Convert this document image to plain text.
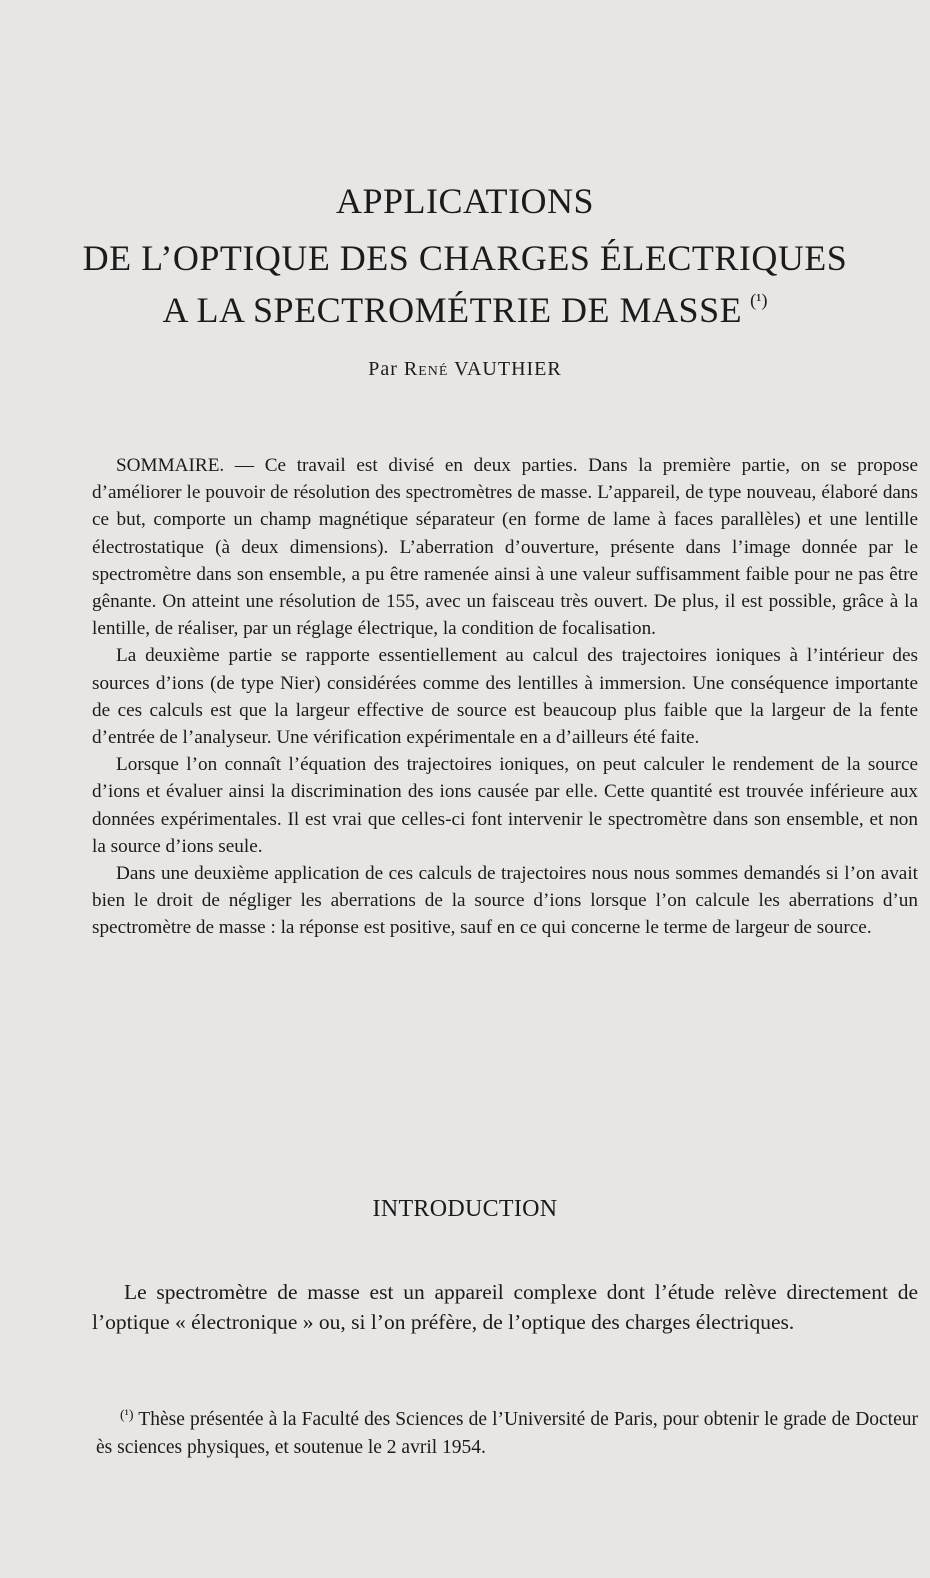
APPLICATIONS
DE L’OPTIQUE DES CHARGES ÉLECTRIQUES
A LA SPECTROMÉTRIE DE MASSE $^{(^1)}$
Par René VAUTHIER

SOMMAIRE. — Ce travail est divisé en deux parties. Dans la première partie, on se propose d’améliorer le pouvoir de résolution des spectromètres de masse. L’appareil, de type nouveau, élaboré dans ce but, comporte un champ magnétique séparateur (en forme de lame à faces parallèles) et une lentille électrostatique (à deux dimensions). L’aberration d’ouverture, présente dans l’image donnée par le spectromètre dans son ensemble, a pu être ramenée ainsi à une valeur suffisamment faible pour ne pas être gênante. On atteint une résolution de 155, avec un faisceau très ouvert. De plus, il est possible, grâce à la lentille, de réaliser, par un réglage électrique, la condition de focalisation.

La deuxième partie se rapporte essentiellement au calcul des trajectoires ioniques à l’intérieur des sources d’ions (de type Nier) considérées comme des lentilles à immersion. Une conséquence importante de ces calculs est que la largeur effective de source est beaucoup plus faible que la largeur de la fente d’entrée de l’analyseur. Une vérification expérimentale en a d’ailleurs été faite.

Lorsque l’on connaît l’équation des trajectoires ioniques, on peut calculer le rendement de la source d’ions et évaluer ainsi la discrimination des ions causée par elle. Cette quantité est trouvée inférieure aux données expérimentales. Il est vrai que celles-ci font intervenir le spectromètre dans son ensemble, et non la source d’ions seule.

Dans une deuxième application de ces calculs de trajectoires nous nous sommes demandés si l’on avait bien le droit de négliger les aberrations de la source d’ions lorsque l’on calcule les aberrations d’un spectromètre de masse : la réponse est positive, sauf en ce qui concerne le terme de largeur de source.

INTRODUCTION

Le spectromètre de masse est un appareil complexe dont l’étude relève directement de l’optique « électronique » ou, si l’on préfère, de l’optique des charges électriques.

$^{(^1)}$ Thèse présentée à la Faculté des Sciences de l’Université de Paris, pour obtenir le grade de Docteur ès sciences physiques, et soutenue le 2 avril 1954.
